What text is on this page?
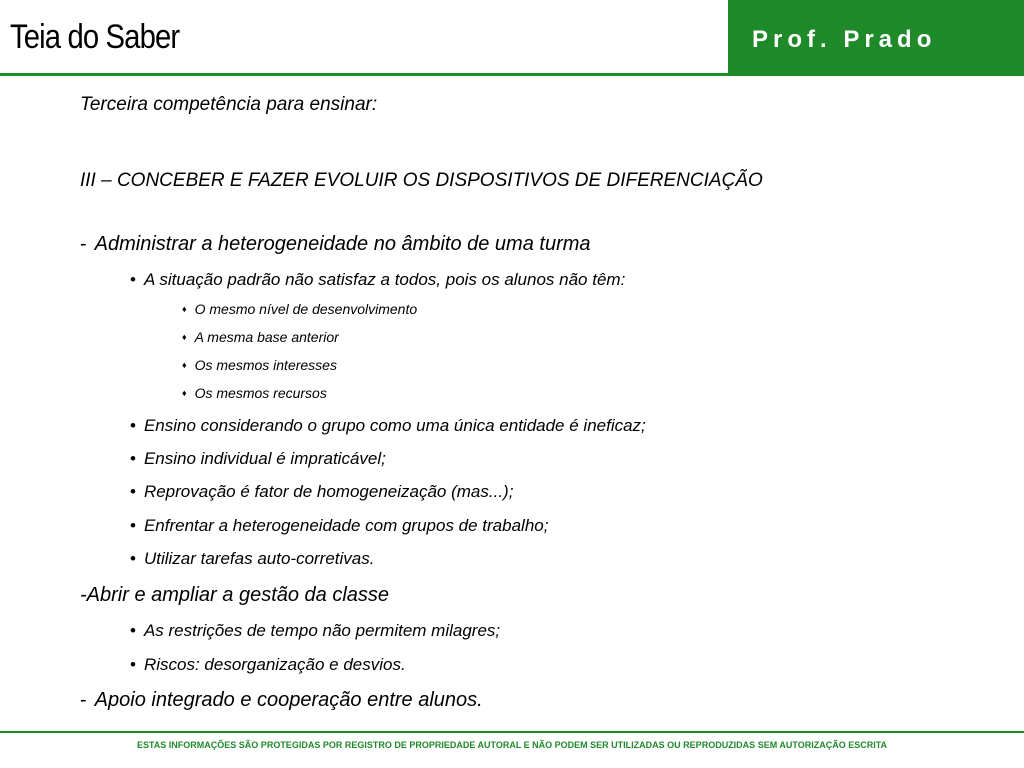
Teia do Saber	Prof. Prado
Terceira competência para ensinar:
III – CONCEBER E FAZER EVOLUIR OS DISPOSITIVOS DE DIFERENCIAÇÃO
- Administrar a heterogeneidade no âmbito de uma turma
• A situação padrão não satisfaz a todos, pois os alunos não têm:
♦ O mesmo nível de desenvolvimento
♦ A mesma base anterior
♦ Os mesmos interesses
♦ Os mesmos recursos
• Ensino considerando o grupo como uma única entidade é ineficaz;
• Ensino individual é impraticável;
• Reprovação é fator de homogeneização (mas...);
• Enfrentar a heterogeneidade com grupos de trabalho;
• Utilizar tarefas auto-corretivas.
-Abrir e ampliar a gestão da classe
• As restrições de tempo não permitem milagres;
• Riscos: desorganização e desvios.
- Apoio integrado e cooperação entre alunos.
ESTAS INFORMAÇÕES SÃO PROTEGIDAS POR REGISTRO DE PROPRIEDADE AUTORAL E NÃO PODEM SER UTILIZADAS OU REPRODUZIDAS SEM AUTORIZAÇÃO ESCRITA
